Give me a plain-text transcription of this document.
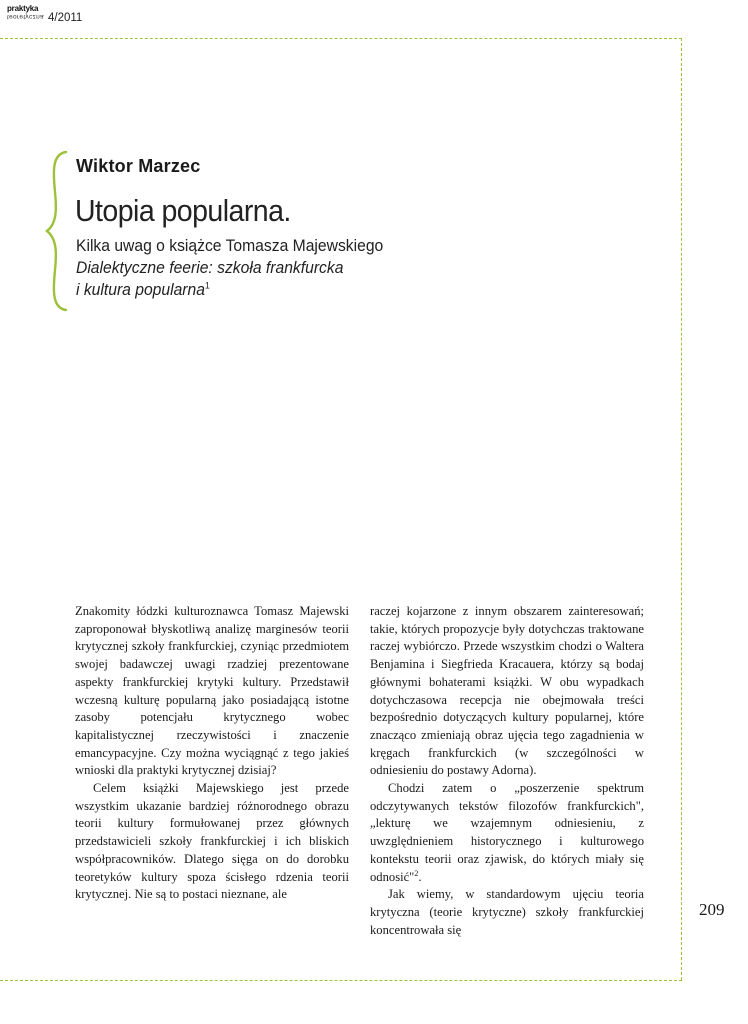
praktyka
teoretyczna 4/2011
Wiktor Marzec
Utopia popularna.
Kilka uwag o książce Tomasza Majewskiego
Dialektyczne feerie: szkoła frankfurcka
i kultura popularna$^1$

Znakomity łódzki kulturoznawca Tomasz Majewski zaproponował błyskotliwą analizę marginesów teorii krytycznej szkoły frankfurckiej, czyniąc przedmiotem swojej badawczej uwagi rzadziej prezentowane aspekty frankfurckiej krytyki kultury. Przedstawił wczesną kulturę popularną jako posiadającą istotne zasoby potencjału krytycznego wobec kapitalistycznej rzeczywistości i znaczenie emancypacyjne. Czy można wyciągnąć z tego jakieś wnioski dla praktyki krytycznej dzisiaj?

Celem książki Majewskiego jest przede wszystkim ukazanie bardziej różnorodnego obrazu teorii kultury formułowanej przez głównych przedstawicieli szkoły frankfurckiej i ich bliskich współpracowników. Dlatego sięga on do dorobku teoretyków kultury spoza ścisłego rdzenia teorii krytycznej. Nie są to postaci nieznane, ale

raczej kojarzone z innym obszarem zainteresowań; takie, których propozycje były dotychczas traktowane raczej wybiórczo. Przede wszystkim chodzi o Waltera Benjamina i Siegfrieda Kracauera, którzy są bodaj głównymi bohaterami książki. W obu wypadkach dotychczasowa recepcja nie obejmowała treści bezpośrednio dotyczących kultury popularnej, które znacząco zmieniają obraz ujęcia tego zagadnienia w kręgach frankfurckich (w szczególności w odniesieniu do postawy Adorna).

Chodzi zatem o „poszerzenie spektrum odczytywanych tekstów filozofów frankfurckich", „lekturę we wzajemnym odniesieniu, z uwzględnieniem historycznego i kulturowego kontekstu teorii oraz zjawisk, do których miały się odnosić"$^2$.

Jak wiemy, w standardowym ujęciu teoria krytyczna (teorie krytyczne) szkoły frankfurckiej koncentrowała się

209
